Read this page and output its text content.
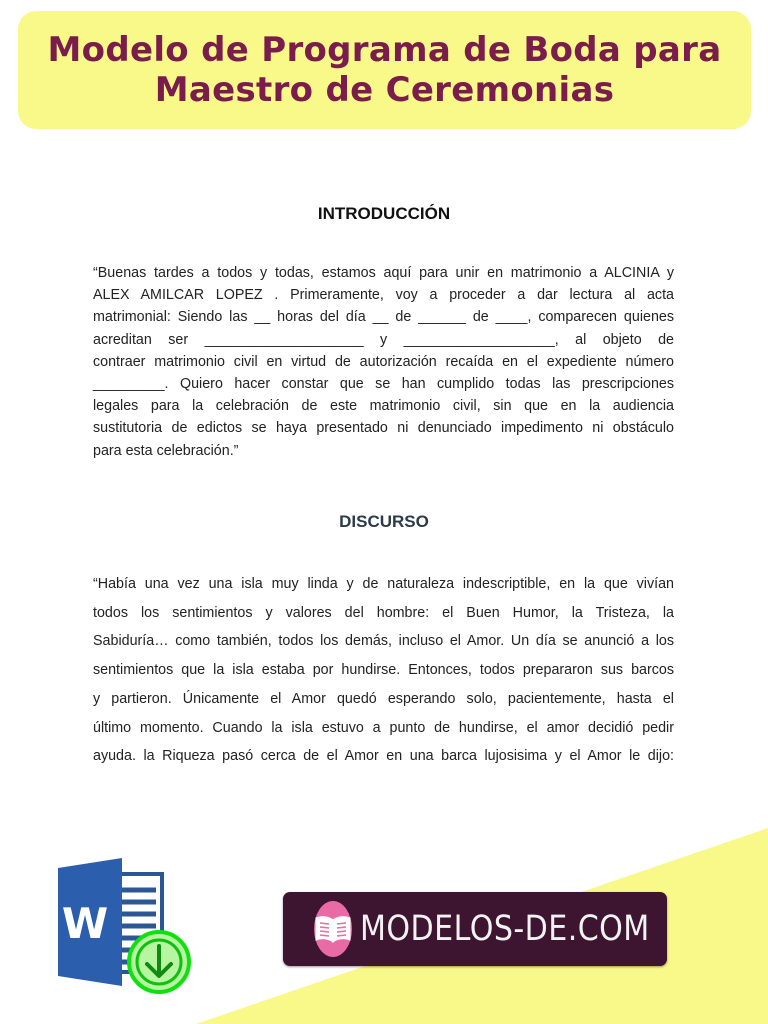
Modelo de Programa de Boda para
Maestro de Ceremonias
INTRODUCCIÓN
“Buenas tardes a todos y todas, estamos aquí para unir en matrimonio a ALCINIA y
ALEX AMILCAR LOPEZ . Primeramente, voy a proceder a dar lectura al acta
matrimonial: Siendo las __ horas del día __ de ______ de ____, comparecen quienes
acreditan ser ____________________ y ___________________, al objeto de
contraer matrimonio civil en virtud de autorización recaída en el expediente número
_________. Quiero hacer constar que se han cumplido todas las prescripciones
legales para la celebración de este matrimonio civil, sin que en la audiencia
sustitutoria de edictos se haya presentado ni denunciado impedimento ni obstáculo
para esta celebración.”
DISCURSO
“Había una vez una isla muy linda y de naturaleza indescriptible, en la que vivían
todos los sentimientos y valores del hombre: el Buen Humor, la Tristeza, la
Sabiduría… como también, todos los demás, incluso el Amor. Un día se anunció a los
sentimientos que la isla estaba por hundirse. Entonces, todos prepararon sus barcos
y partieron. Únicamente el Amor quedó esperando solo, pacientemente, hasta el
último momento. Cuando la isla estuvo a punto de hundirse, el amor decidió pedir
ayuda. la Riqueza pasó cerca de el Amor en una barca lujosisima y el Amor le dijo:
W	MODELOS-DE.COM
